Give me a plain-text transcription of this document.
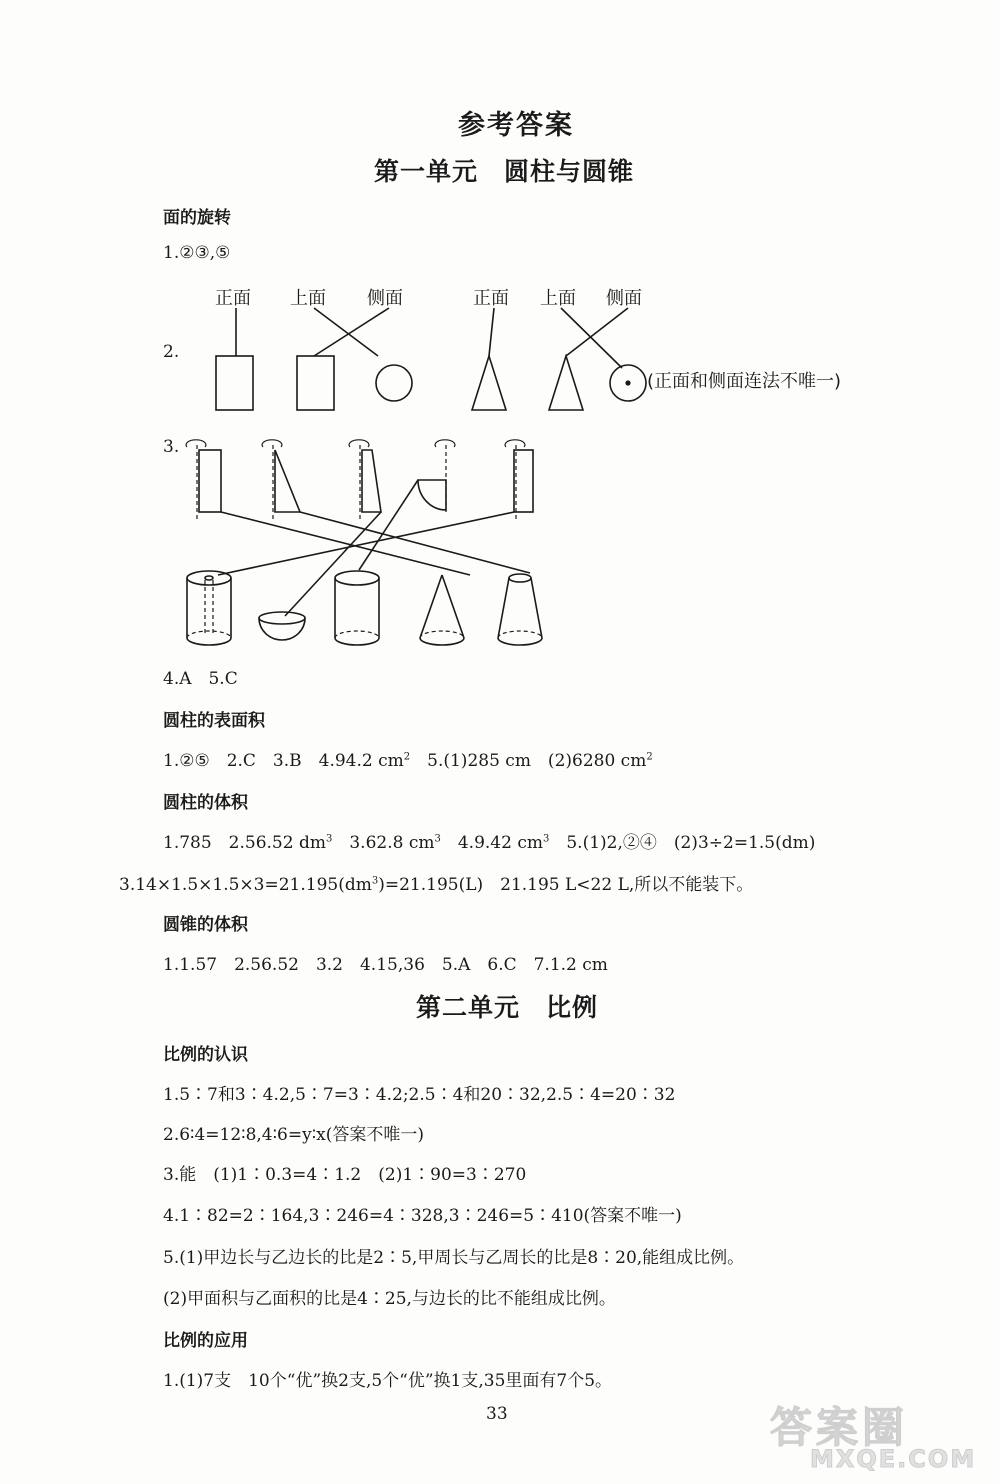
参考答案
第一单元　圆柱与圆锥
面的旋转
1.②③,⑤
2.
正面 上面 侧面	正面 上面 侧面
(正面和侧面连法不唯一)
3.
4.A　5.C
圆柱的表面积
1.②⑤　2.C　3.B　4.94.2 $cm^2$　5.(1)285 cm　(2)6280 $cm^2$
圆柱的体积
1.785　2.56.52 $dm^3$　3.62.8 $cm^3$　4.9.42 $cm^3$　5.(1)2,②④　(2)3÷2=1.5(dm)
$3.14\times 1.5\times 1.5\times 3=21.195(dm^3)=21.195(L)$　21.195 L<22 L,所以不能装下。
圆锥的体积
1.1.57　2.56.52　3.2　4.15,36　5.A　6.C　7.1.2 cm
第二单元　比例
比例的认识
1.5∶7和3∶4.2,5∶7=3∶4.2;2.5∶4和20∶32,2.5∶4=20∶32
2.6∶4=12∶8,4∶6=y∶x(答案不唯一)
3.能　(1)1∶0.3=4∶1.2　(2)1∶90=3∶270
4.1∶82=2∶164,3∶246=4∶328,3∶246=5∶410(答案不唯一)
5.(1)甲边长与乙边长的比是2∶5,甲周长与乙周长的比是8∶20,能组成比例。
(2)甲面积与乙面积的比是4∶25,与边长的比不能组成比例。
比例的应用
1.(1)7支　10个“优”换2支,5个“优”换1支,35里面有7个5。
33	答案圈
MXQE.COM
